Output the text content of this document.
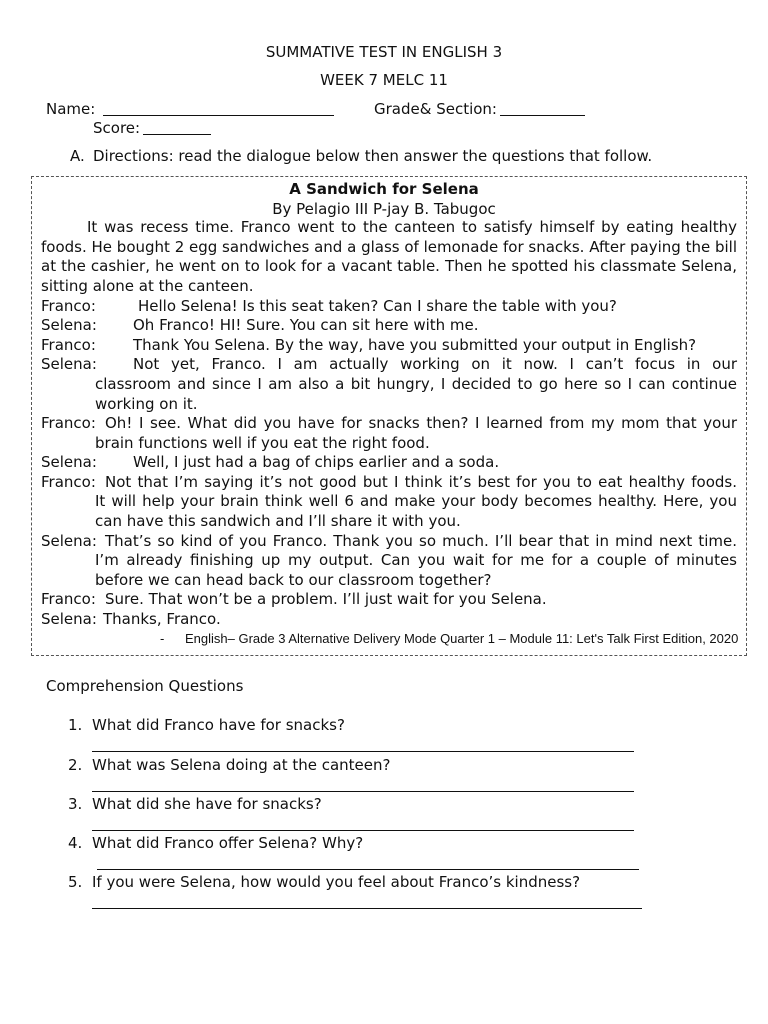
SUMMATIVE TEST IN ENGLISH 3
WEEK 7 MELC 11
Name:	Grade& Section:
Score:
A. Directions: read the dialogue below then answer the questions that follow.
A Sandwich for Selena
By Pelagio III P-jay B. Tabugoc
It was recess time. Franco went to the canteen to satisfy himself by eating healthy foods. He bought 2 egg sandwiches and a glass of lemonade for snacks. After paying the bill at the cashier, he went on to look for a vacant table. Then he spotted his classmate Selena, sitting alone at the canteen.
Franco:	Hello Selena! Is this seat taken? Can I share the table with you?
Selena: Oh Franco! HI! Sure. You can sit here with me.
Franco: Thank You Selena. By the way, have you submitted your output in English?
Selena:	Not yet, Franco. I am actually working on it now. I can’t focus in our
classroom and since I am also a bit hungry, I decided to go here so I can continue working on it.
Franco: Oh! I see. What did you have for snacks then? I learned from my mom that your
brain functions well if you eat the right food.
Selena: Well, I just had a bag of chips earlier and a soda.
Franco: Not that I’m saying it’s not good but I think it’s best for you to eat healthy foods.
It will help your brain think well 6 and make your body becomes healthy. Here, you can have this sandwich and I’ll share it with you.
Selena: That’s so kind of you Franco. Thank you so much. I’ll bear that in mind next time.
I’m already finishing up my output. Can you wait for me for a couple of minutes before we can head back to our classroom together?
Franco: Sure. That won’t be a problem. I’ll just wait for you Selena.
Selena: Thanks, Franco.
- English– Grade 3 Alternative Delivery Mode Quarter 1 – Module 11: Let's Talk First Edition, 2020
Comprehension Questions
1. What did Franco have for snacks?
2. What was Selena doing at the canteen?
3. What did she have for snacks?
4. What did Franco offer Selena? Why?
5. If you were Selena, how would you feel about Franco’s kindness?
